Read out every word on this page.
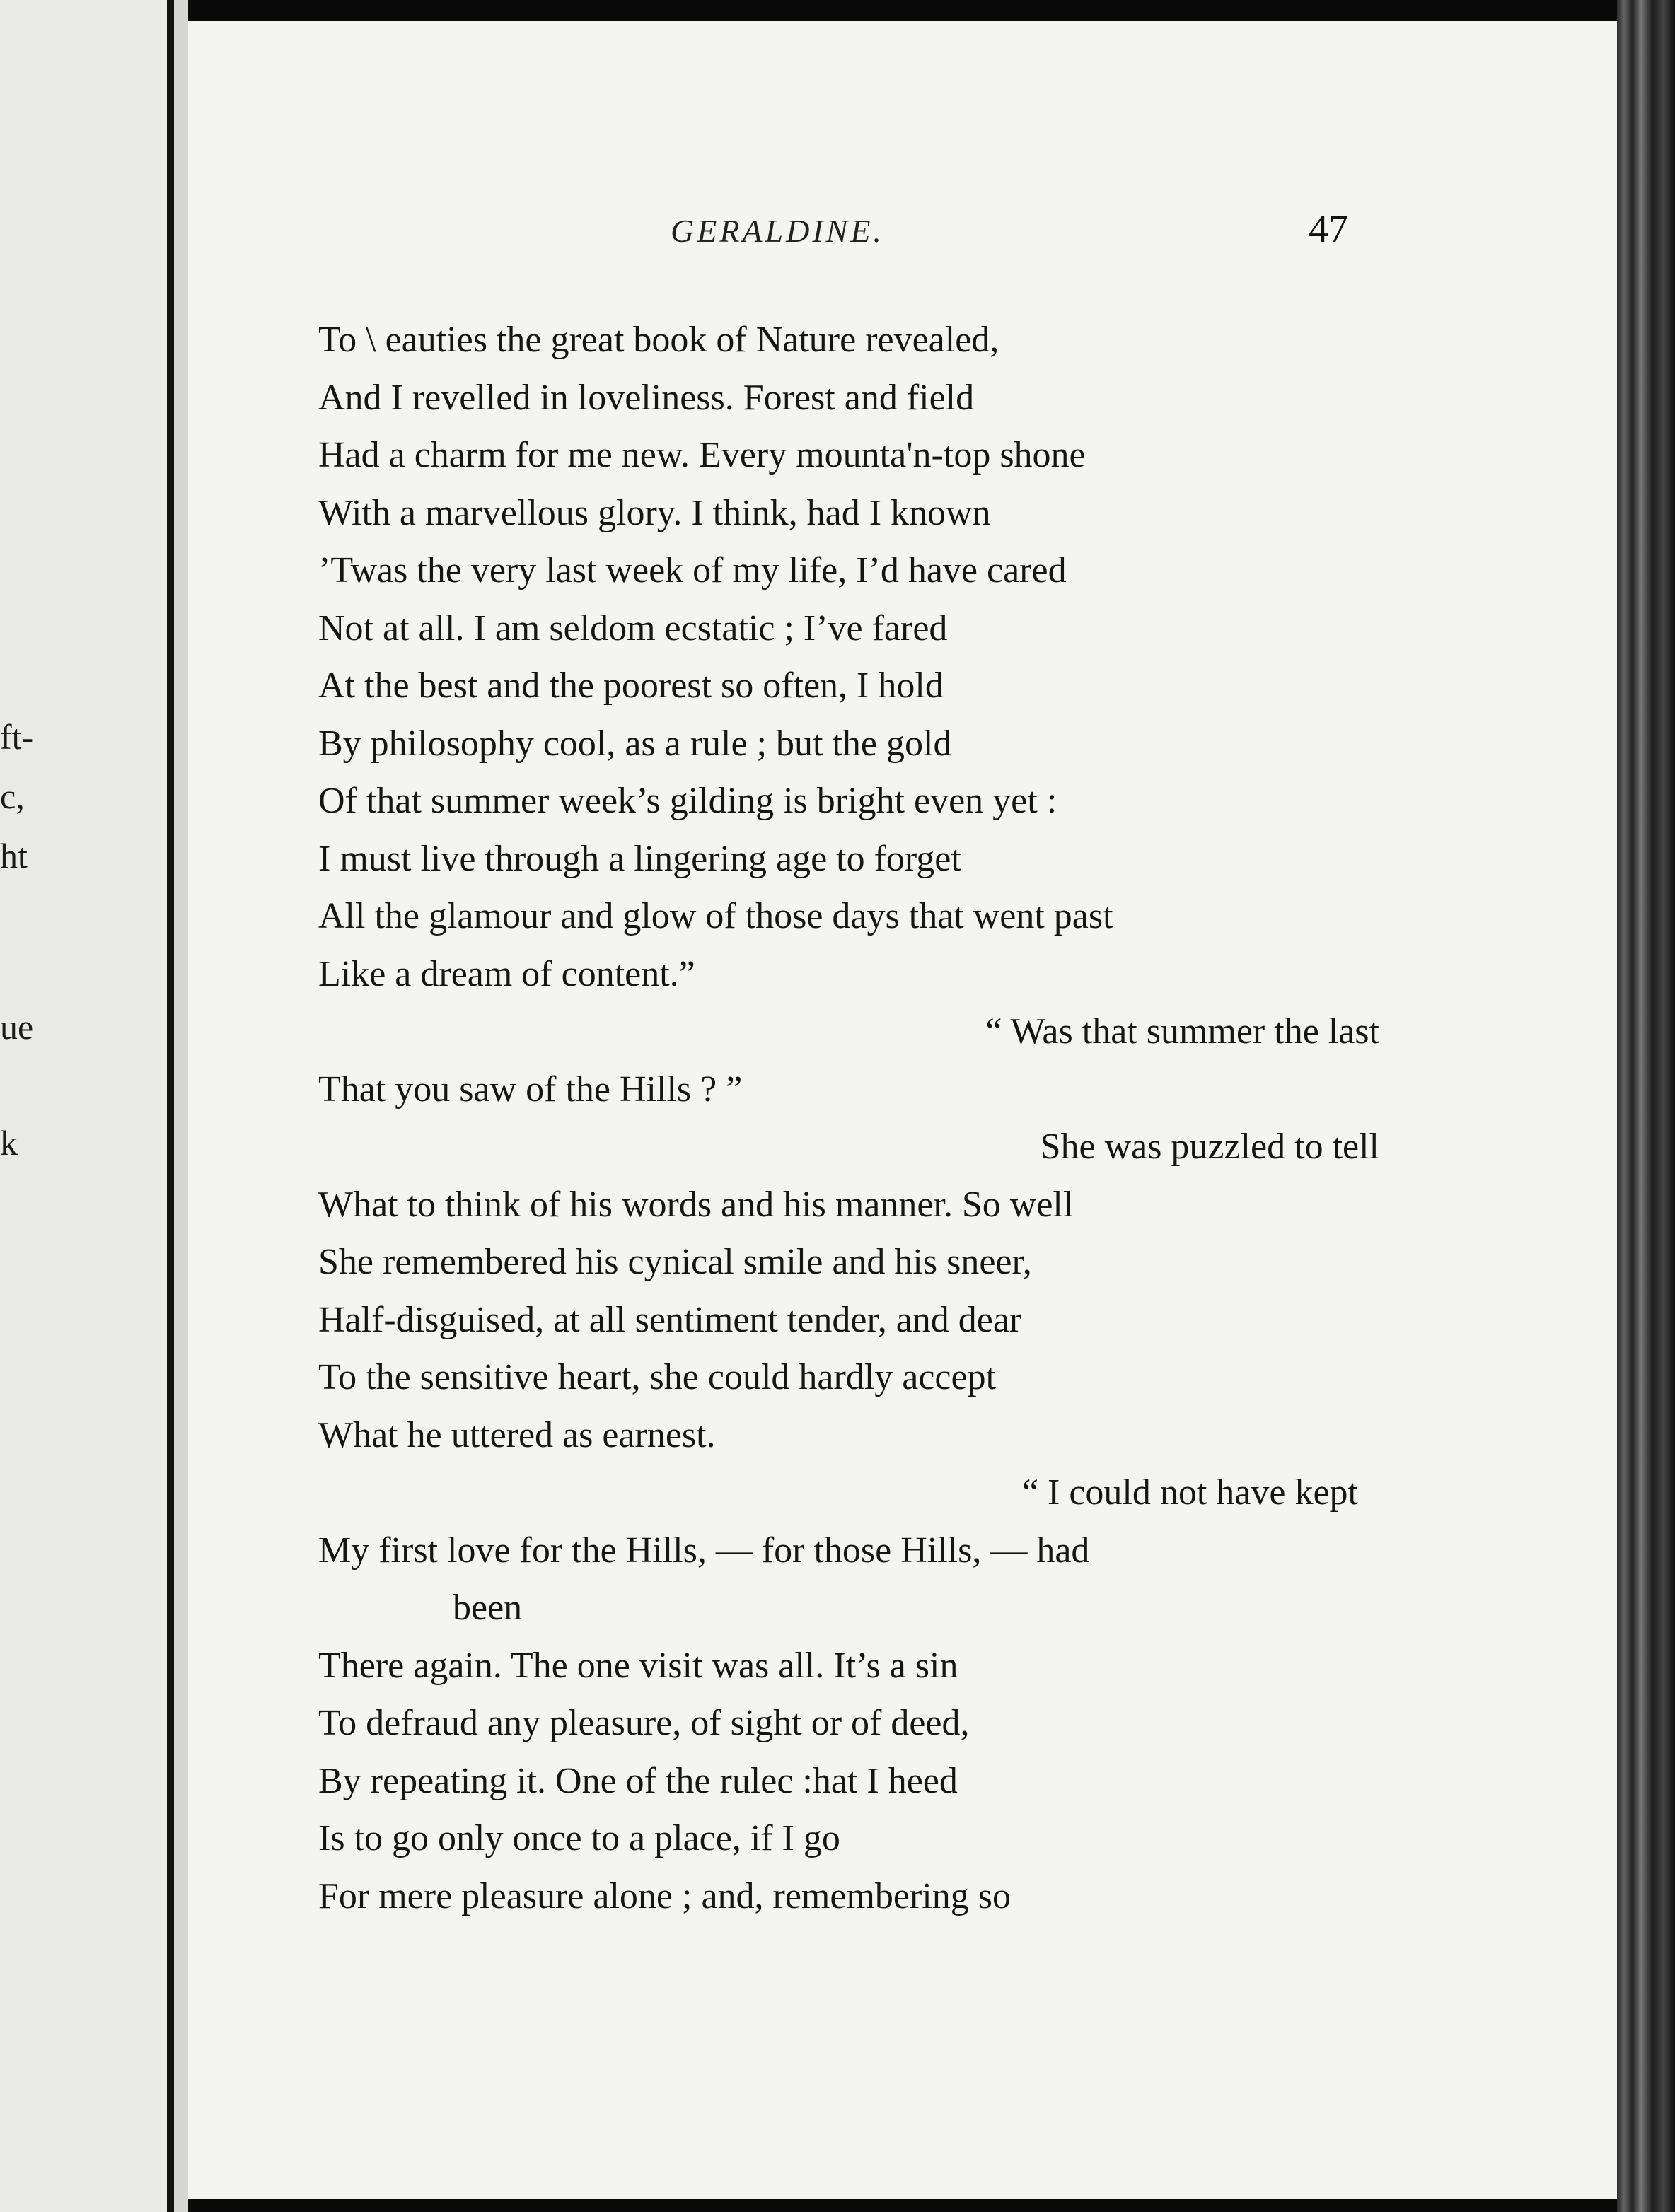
ft-
c,
ht
ue
k
GERALDINE.	47
To \ eauties the great book of Nature revealed,
And I revelled in loveliness. Forest and field
Had a charm for me new. Every mounta'n-top shone
With a marvellous glory. I think, had I known
’Twas the very last week of my life, I’d have cared
Not at all. I am seldom ecstatic ; I’ve fared
At the best and the poorest so often, I hold
By philosophy cool, as a rule ; but the gold
Of that summer week’s gilding is bright even yet :
I must live through a lingering age to forget
All the glamour and glow of those days that went past
Like a dream of content.”
“ Was that summer the last
That you saw of the Hills ? ”
She was puzzled to tell
What to think of his words and his manner. So well
She remembered his cynical smile and his sneer,
Half-disguised, at all sentiment tender, and dear
To the sensitive heart, she could hardly accept
What he uttered as earnest.
“ I could not have kept
My first love for the Hills, — for those Hills, — had
been
There again. The one visit was all. It’s a sin
To defraud any pleasure, of sight or of deed,
By repeating it. One of the rulec :hat I heed
Is to go only once to a place, if I go
For mere pleasure alone ; and, remembering so
